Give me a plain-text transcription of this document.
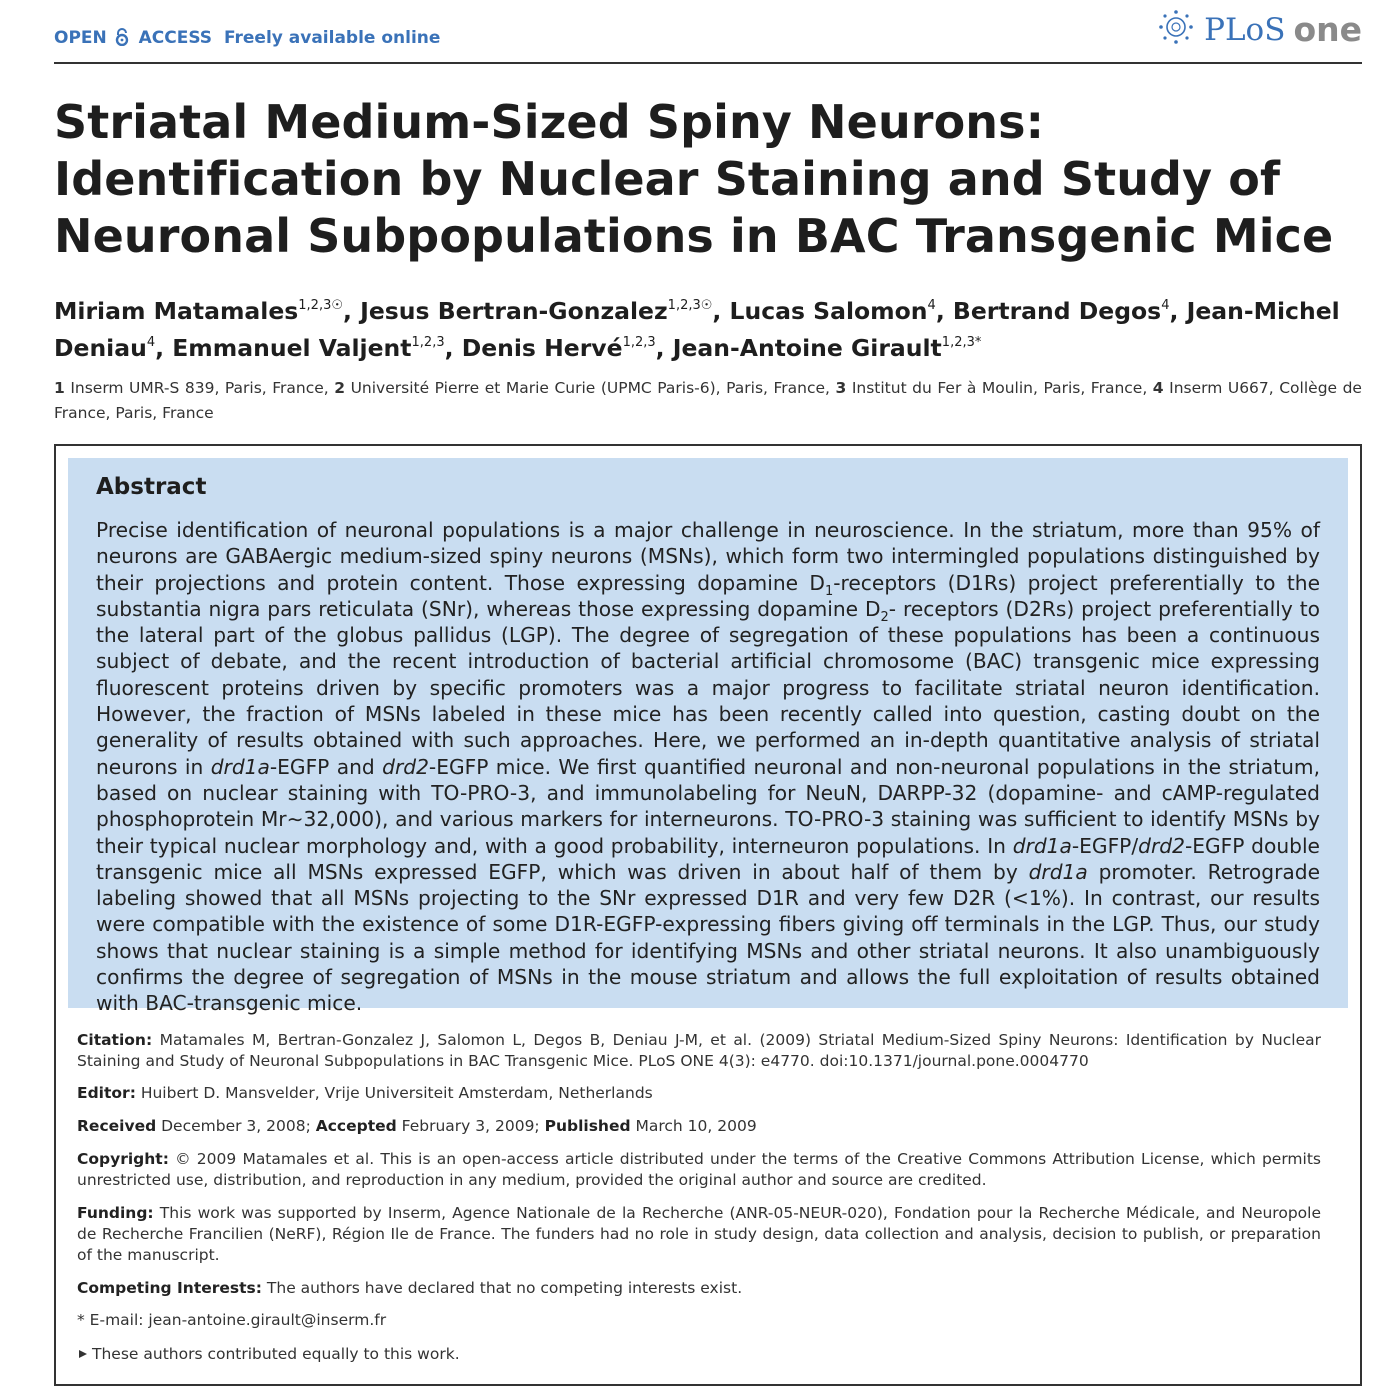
OPEN ACCESS Freely available online	PLoS one
Striatal Medium-Sized Spiny Neurons: Identification by Nuclear Staining and Study of Neuronal Subpopulations in BAC Transgenic Mice
Miriam Matamales$^{1,2,3☉}$, Jesus Bertran-Gonzalez$^{1,2,3☉}$, Lucas Salomon$^4$, Bertrand Degos$^4$, Jean-Michel Deniau$^4$, Emmanuel Valjent$^{1,2,3}$, Denis Hervé$^{1,2,3}$, Jean-Antoine Girault$^{1,2,3*}$
1 Inserm UMR-S 839, Paris, France, 2 Université Pierre et Marie Curie (UPMC Paris-6), Paris, France, 3 Institut du Fer à Moulin, Paris, France, 4 Inserm U667, Collège de France, Paris, France
Abstract

Precise identification of neuronal populations is a major challenge in neuroscience. In the striatum, more than 95% of neurons are GABAergic medium-sized spiny neurons (MSNs), which form two intermingled populations distinguished by their projections and protein content. Those expressing dopamine $D_1$-receptors (D1Rs) project preferentially to the substantia nigra pars reticulata (SNr), whereas those expressing dopamine $D_2-$ receptors (D2Rs) project preferentially to the lateral part of the globus pallidus (LGP). The degree of segregation of these populations has been a continuous subject of debate, and the recent introduction of bacterial artificial chromosome (BAC) transgenic mice expressing fluorescent proteins driven by specific promoters was a major progress to facilitate striatal neuron identification. However, the fraction of MSNs labeled in these mice has been recently called into question, casting doubt on the generality of results obtained with such approaches. Here, we performed an in-depth quantitative analysis of striatal neurons in drd1a-EGFP and drd2-EGFP mice. We first quantified neuronal and non-neuronal populations in the striatum, based on nuclear staining with TO-PRO-3, and immunolabeling for NeuN, DARPP-32 (dopamine- and cAMP-regulated phosphoprotein Mr∼32,000), and various markers for interneurons. TO-PRO-3 staining was sufficient to identify MSNs by their typical nuclear morphology and, with a good probability, interneuron populations. In drd1a-EGFP/drd2-EGFP double transgenic mice all MSNs expressed EGFP, which was driven in about half of them by drd1a promoter. Retrograde labeling showed that all MSNs projecting to the SNr expressed D1R and very few D2R (<1%). In contrast, our results were compatible with the existence of some D1R-EGFP-expressing fibers giving off terminals in the LGP. Thus, our study shows that nuclear staining is a simple method for identifying MSNs and other striatal neurons. It also unambiguously confirms the degree of segregation of MSNs in the mouse striatum and allows the full exploitation of results obtained with BAC-transgenic mice.

Citation: Matamales M, Bertran-Gonzalez J, Salomon L, Degos B, Deniau J-M, et al. (2009) Striatal Medium-Sized Spiny Neurons: Identification by Nuclear Staining and Study of Neuronal Subpopulations in BAC Transgenic Mice. PLoS ONE 4(3): e4770. doi:10.1371/journal.pone.0004770

Editor: Huibert D. Mansvelder, Vrije Universiteit Amsterdam, Netherlands

Received December 3, 2008; Accepted February 3, 2009; Published March 10, 2009

Copyright: © 2009 Matamales et al. This is an open-access article distributed under the terms of the Creative Commons Attribution License, which permits unrestricted use, distribution, and reproduction in any medium, provided the original author and source are credited.

Funding: This work was supported by Inserm, Agence Nationale de la Recherche (ANR-05-NEUR-020), Fondation pour la Recherche Médicale, and Neuropole de Recherche Francilien (NeRF), Région Ile de France. The funders had no role in study design, data collection and analysis, decision to publish, or preparation of the manuscript.

Competing Interests: The authors have declared that no competing interests exist.

* E-mail: jean-antoine.girault@inserm.fr

These authors contributed equally to this work.
